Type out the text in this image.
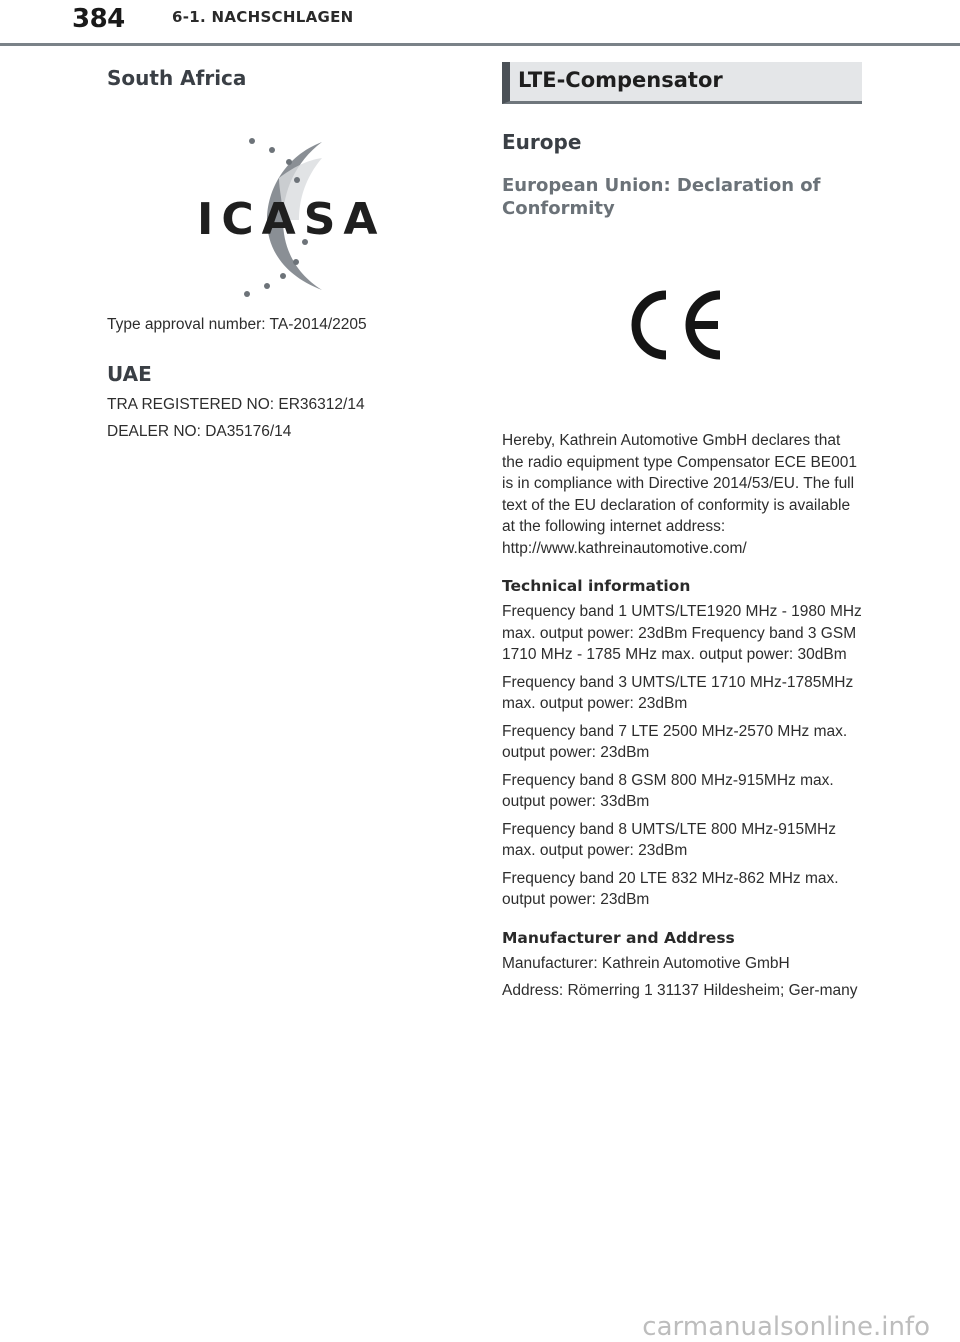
384	6-1. NACHSCHLAGEN
South Africa
ICASA

Type approval number: TA-2014/2205

UAE

TRA REGISTERED NO: ER36312/14

DEALER NO: DA35176/14

LTE-Compensator
Europe
European Union: Declaration of Conformity

Hereby, Kathrein Automotive GmbH declares that the radio equipment type Compensator ECE BE001 is in compliance with Directive 2014/53/EU. The full text of the EU declaration of conformity is available at the following internet address: http://www.kathreinautomotive.com/

Technical information

Frequency band 1 UMTS/LTE1920 MHz - 1980 MHz max. output power: 23dBm Frequency band 3 GSM 1710 MHz - 1785 MHz max. output power: 30dBm

Frequency band 3 UMTS/LTE 1710 MHz-1785MHz max. output power: 23dBm

Frequency band 7 LTE 2500 MHz-2570 MHz max. output power: 23dBm

Frequency band 8 GSM 800 MHz-915MHz max. output power: 33dBm

Frequency band 8 UMTS/LTE 800 MHz-915MHz max. output power: 23dBm

Frequency band 20 LTE 832 MHz-862 MHz max. output power: 23dBm

Manufacturer and Address

Manufacturer: Kathrein Automotive GmbH

Address: Römerring 1 31137 Hildesheim; Ger-many

carmanualsonline.info
